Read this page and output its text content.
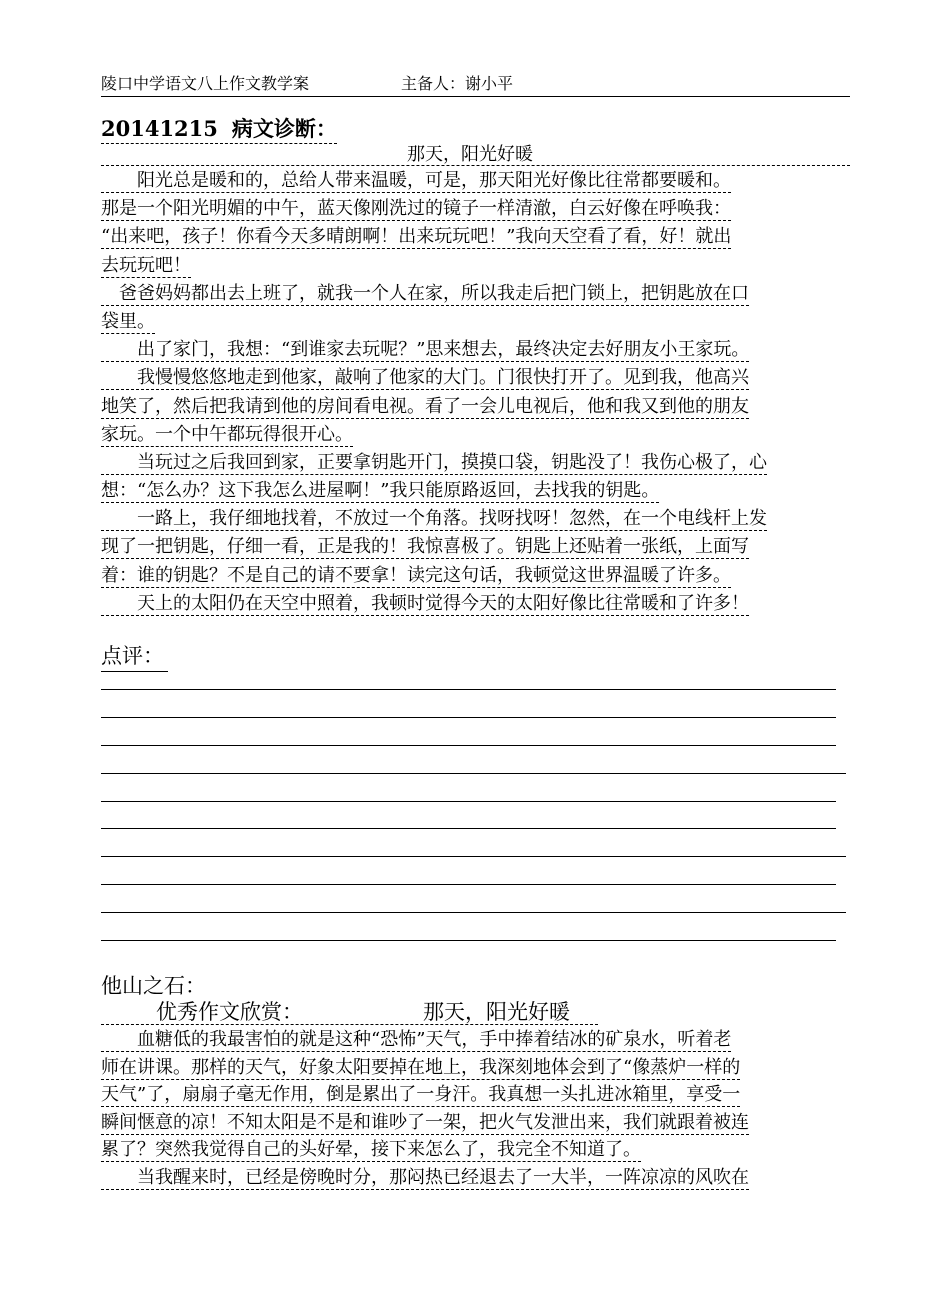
陵口中学语文八上作文教学案	主备人：谢小平
20141215 病文诊断：
那天，阳光好暖
　　阳光总是暖和的，总给人带来温暖，可是，那天阳光好像比往常都要暖和。
那是一个阳光明媚的中午，蓝天像刚洗过的镜子一样清澈，白云好像在呼唤我：
“出来吧，孩子！你看今天多晴朗啊！出来玩玩吧！”我向天空看了看，好！就出
去玩玩吧！
　爸爸妈妈都出去上班了，就我一个人在家，所以我走后把门锁上，把钥匙放在口
袋里。
　　出了家门，我想：“到谁家去玩呢？”思来想去，最终决定去好朋友小王家玩。
　　我慢慢悠悠地走到他家，敲响了他家的大门。门很快打开了。见到我，他高兴
地笑了，然后把我请到他的房间看电视。看了一会儿电视后，他和我又到他的朋友
家玩。一个中午都玩得很开心。
　　当玩过之后我回到家，正要拿钥匙开门，摸摸口袋，钥匙没了！我伤心极了，心
想：“怎么办？这下我怎么进屋啊！”我只能原路返回，去找我的钥匙。
　　一路上，我仔细地找着，不放过一个角落。找呀找呀！忽然，在一个电线杆上发
现了一把钥匙，仔细一看，正是我的！我惊喜极了。钥匙上还贴着一张纸，上面写
着：谁的钥匙？不是自己的请不要拿！读完这句话，我顿觉这世界温暖了许多。
　　天上的太阳仍在天空中照着，我顿时觉得今天的太阳好像比往常暖和了许多！
点评：
他山之石：
优秀作文欣赏：	那天，阳光好暖
　　血糖低的我最害怕的就是这种“恐怖”天气，手中捧着结冰的矿泉水，听着老
师在讲课。那样的天气，好象太阳要掉在地上，我深刻地体会到了“像蒸炉一样的
天气”了，扇扇子毫无作用，倒是累出了一身汗。我真想一头扎进冰箱里，享受一
瞬间惬意的凉！不知太阳是不是和谁吵了一架，把火气发泄出来，我们就跟着被连
累了？突然我觉得自己的头好晕，接下来怎么了，我完全不知道了。
　　当我醒来时，已经是傍晚时分，那闷热已经退去了一大半，一阵凉凉的风吹在
